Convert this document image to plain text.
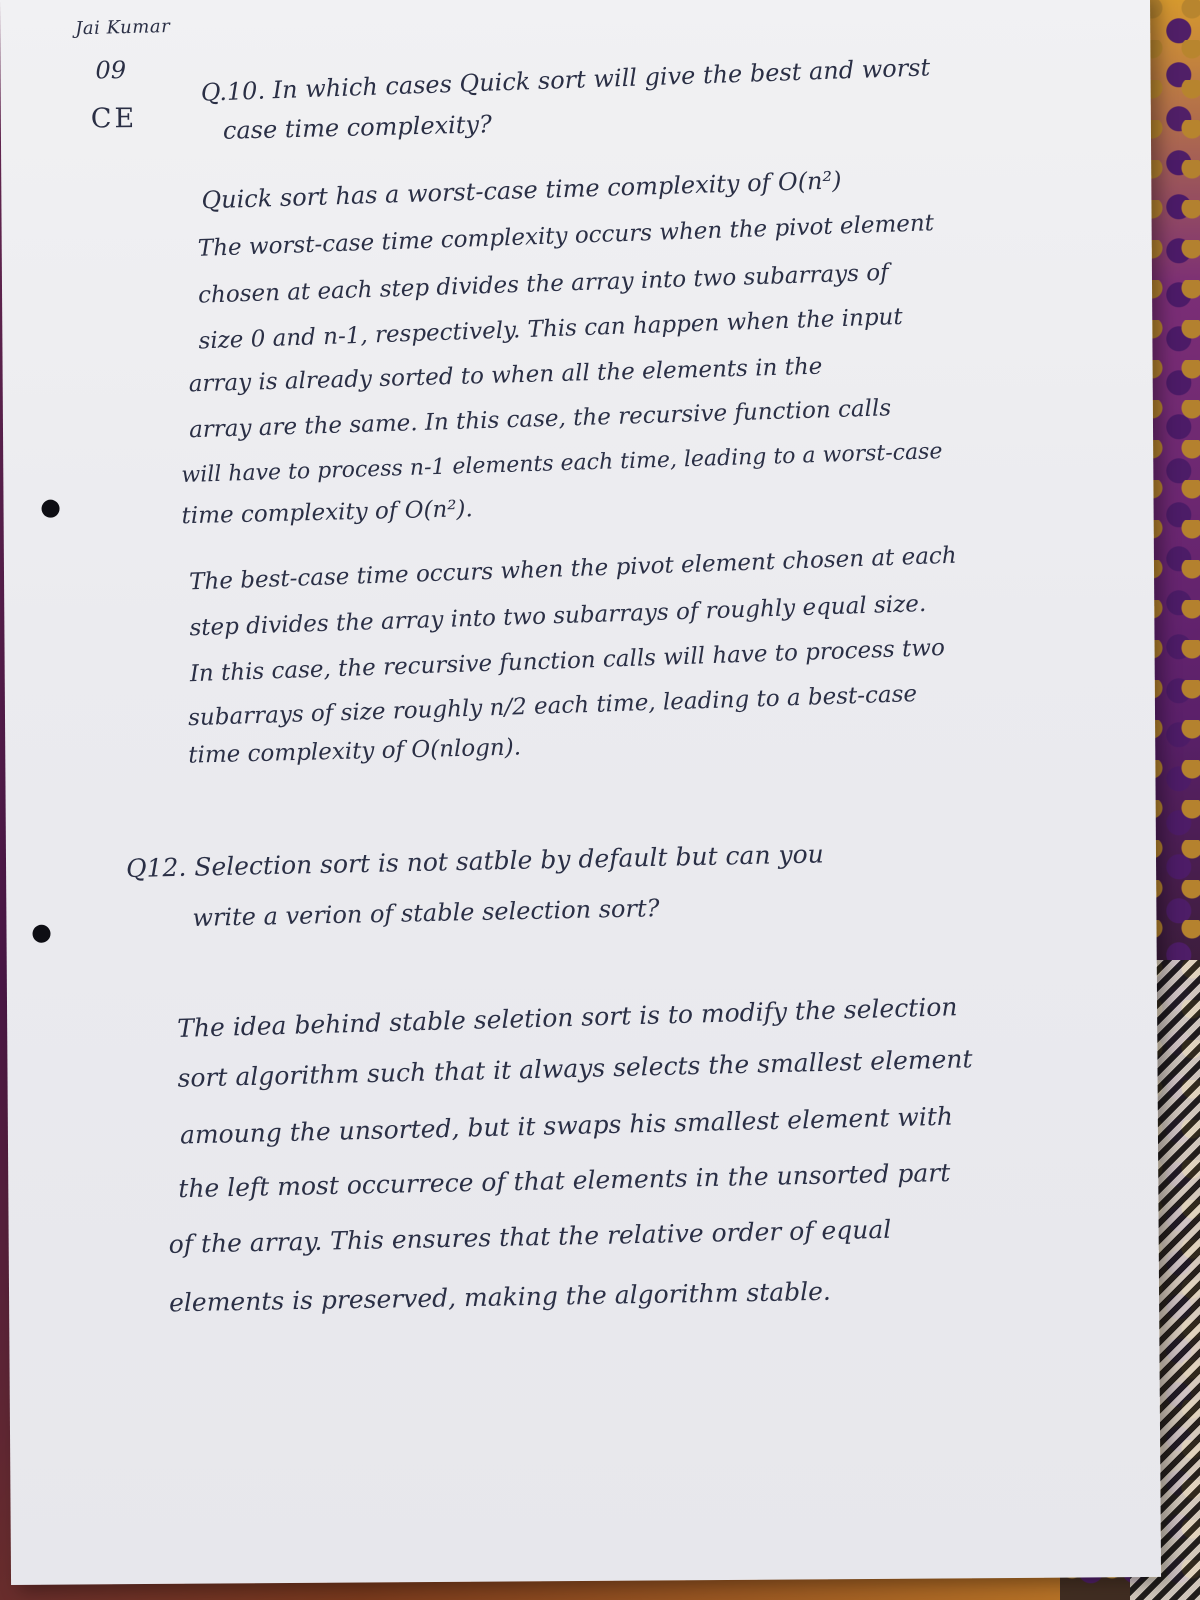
Jai Kumar
09
CE
Q.10. In which cases Quick sort will give the best and worst
case time complexity?
Quick sort has a worst-case time complexity of O(n²)
The worst-case time complexity occurs when the pivot element
chosen at each step divides the array into two subarrays of
size 0 and n-1, respectively. This can happen when the input
array is already sorted to when all the elements in the
array are the same. In this case, the recursive function calls
will have to process n-1 elements each time, leading to a worst-case
time complexity of O(n²).
The best-case time occurs when the pivot element chosen at each
step divides the array into two subarrays of roughly equal size.
In this case, the recursive function calls will have to process two
subarrays of size roughly n/2 each time, leading to a best-case
time complexity of O(nlogn).
Q12. Selection sort is not satble by default but can you
write a verion of stable selection sort?
The idea behind stable seletion sort is to modify the selection
sort algorithm such that it always selects the smallest element
amoung the unsorted, but it swaps his smallest element with
the left most occurrece of that elements in the unsorted part
of the array. This ensures that the relative order of equal
elements is preserved, making the algorithm stable.
